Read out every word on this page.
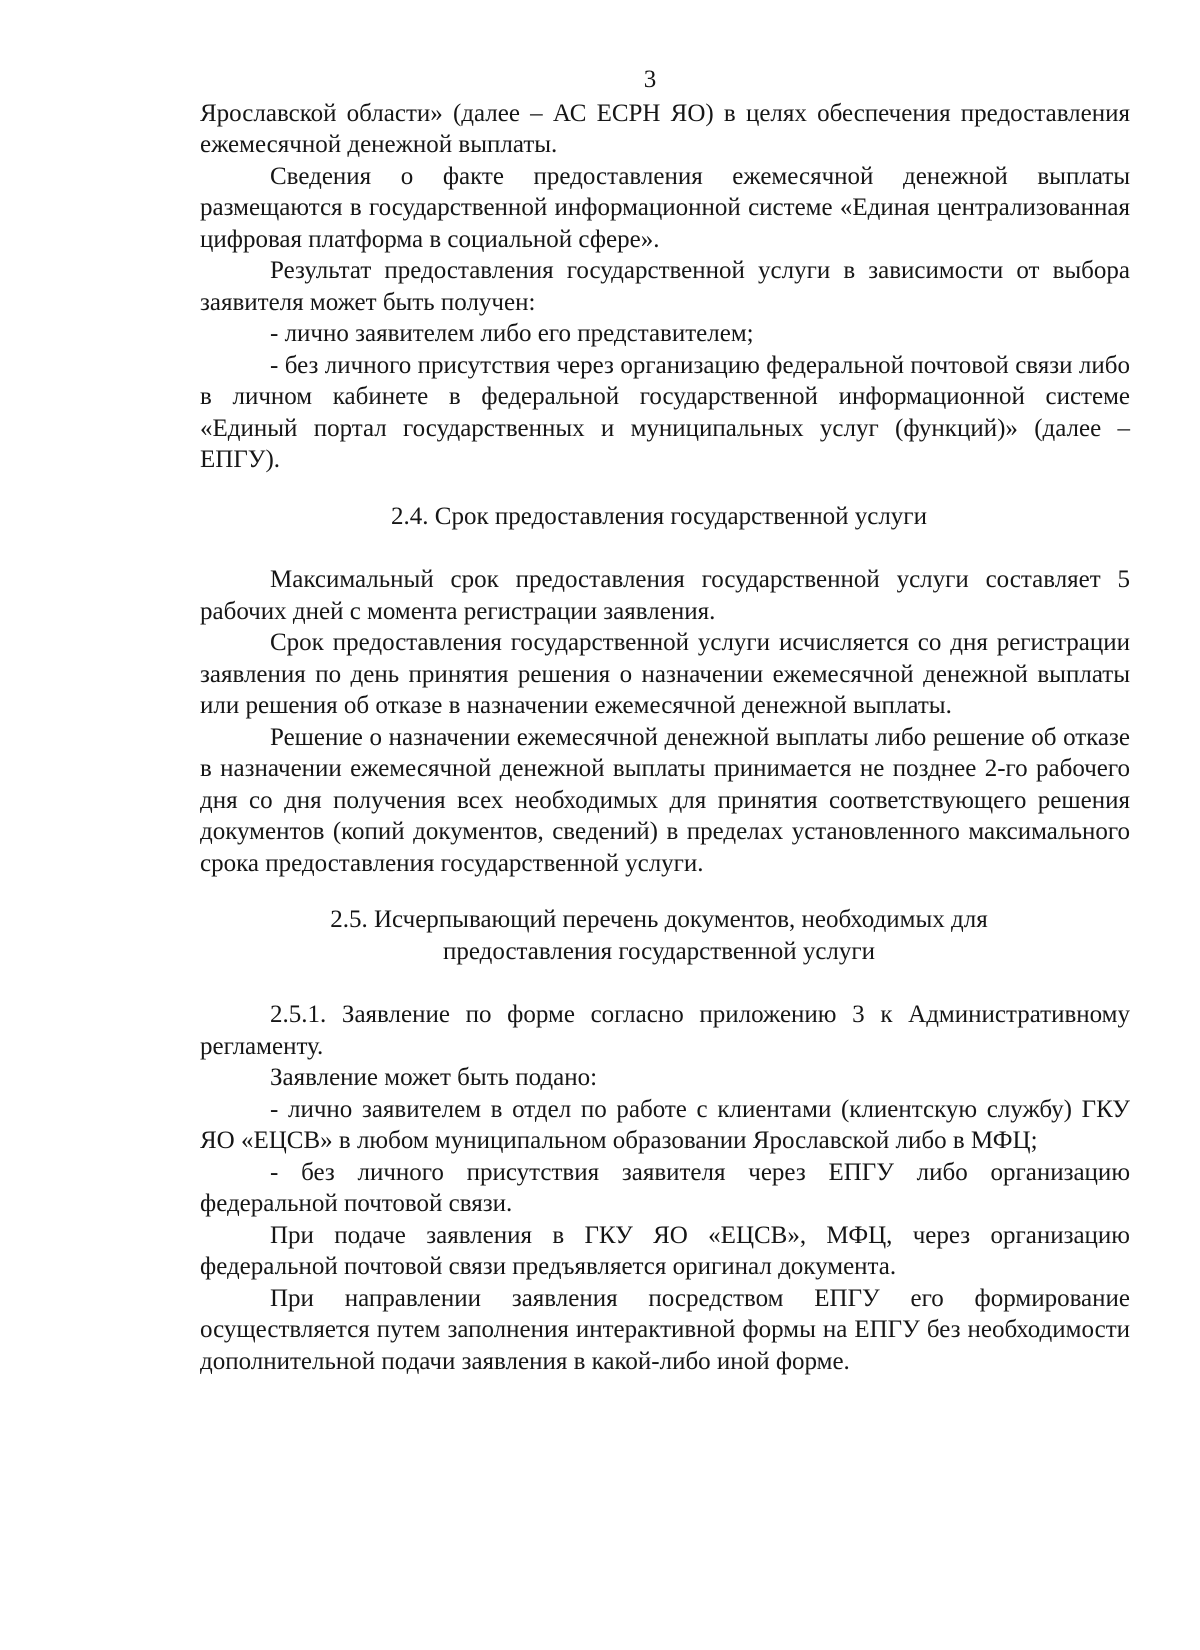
3

Ярославской области» (далее – АС ЕСРН ЯО) в целях обеспечения предоставления ежемесячной денежной выплаты.

Сведения о факте предоставления ежемесячной денежной выплаты размещаются в государственной информационной системе «Единая централизованная цифровая платформа в социальной сфере».

Результат предоставления государственной услуги в зависимости от выбора заявителя может быть получен:

- лично заявителем либо его представителем;

- без личного присутствия через организацию федеральной почтовой связи либо в личном кабинете в федеральной государственной информационной системе «Единый портал государственных и муниципальных услуг (функций)» (далее – ЕПГУ).

2.4. Срок предоставления государственной услуги

Максимальный срок предоставления государственной услуги составляет 5 рабочих дней с момента регистрации заявления.

Срок предоставления государственной услуги исчисляется со дня регистрации заявления по день принятия решения о назначении ежемесячной денежной выплаты или решения об отказе в назначении ежемесячной денежной выплаты.

Решение о назначении ежемесячной денежной выплаты либо решение об отказе в назначении ежемесячной денежной выплаты принимается не позднее 2-го рабочего дня со дня получения всех необходимых для принятия соответствующего решения документов (копий документов, сведений) в пределах установленного максимального срока предоставления государственной услуги.

2.5. Исчерпывающий перечень документов, необходимых для
предоставления государственной услуги

2.5.1. Заявление по форме согласно приложению 3 к Административному регламенту.

Заявление может быть подано:

- лично заявителем в отдел по работе с клиентами (клиентскую службу) ГКУ ЯО «ЕЦСВ» в любом муниципальном образовании Ярославской либо в МФЦ;

- без личного присутствия заявителя через ЕПГУ либо организацию федеральной почтовой связи.

При подаче заявления в ГКУ ЯО «ЕЦСВ», МФЦ, через организацию федеральной почтовой связи предъявляется оригинал документа.

При направлении заявления посредством ЕПГУ его формирование осуществляется путем заполнения интерактивной формы на ЕПГУ без необходимости дополнительной подачи заявления в какой-либо иной форме.
